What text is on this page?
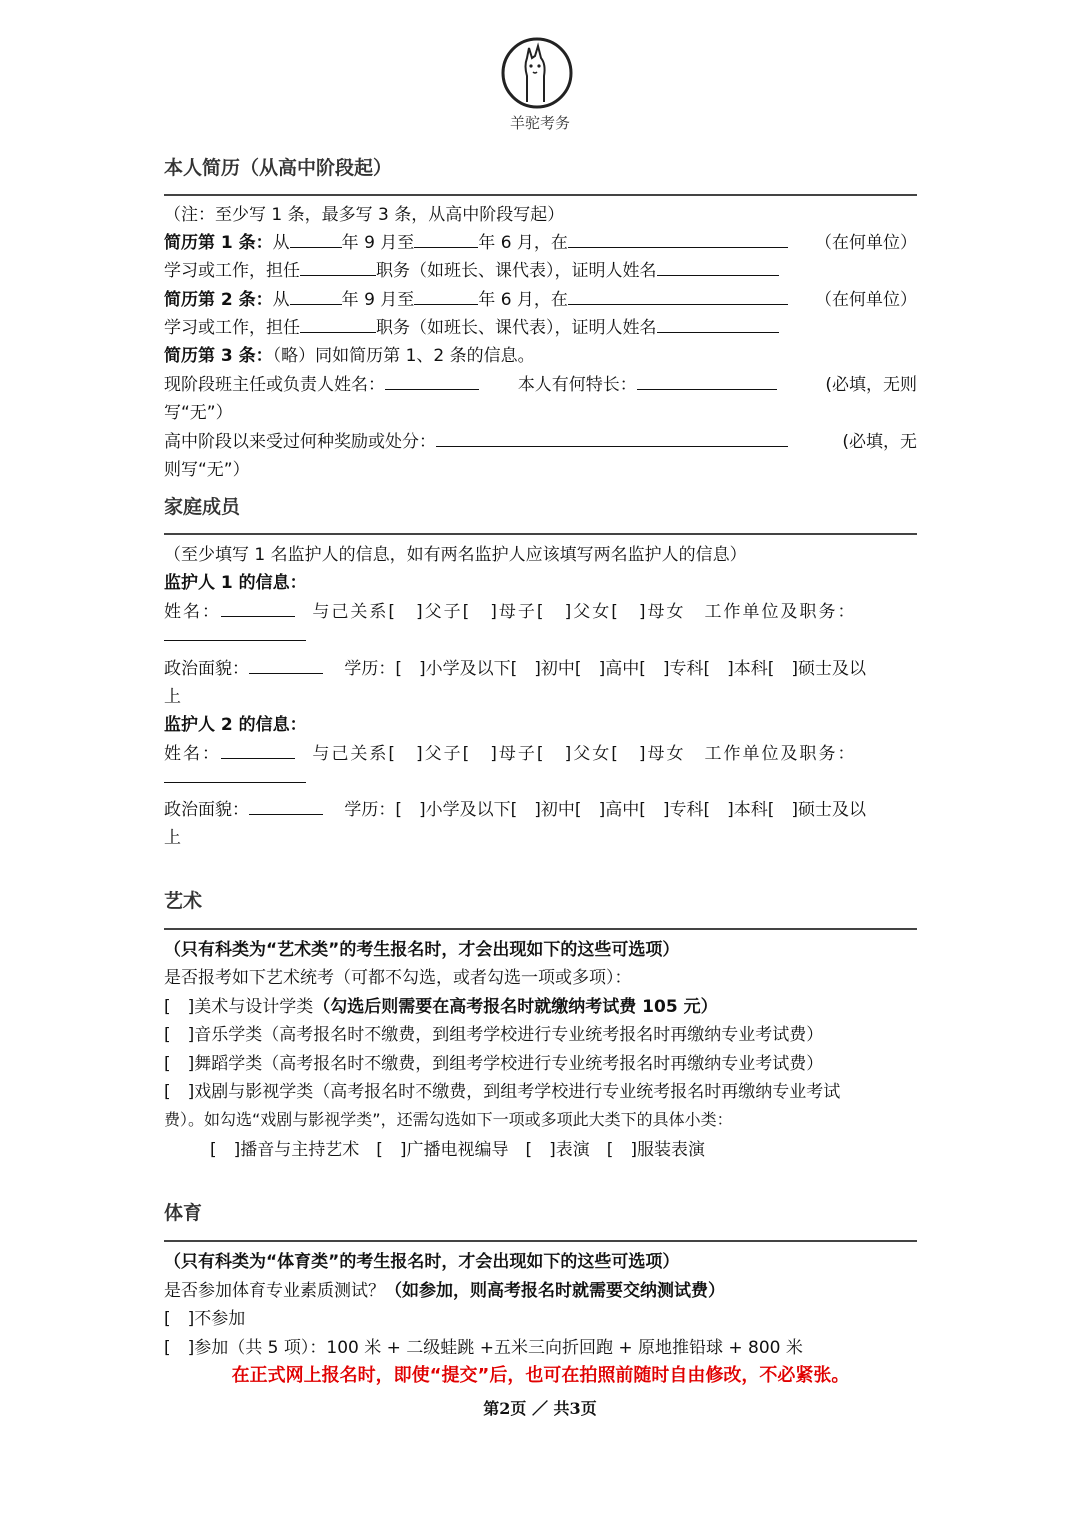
羊驼考务
本人简历（从高中阶段起）
（注：至少写 1 条，最多写 3 条，从高中阶段写起）
简历第 1 条：从	年 9 月至	年 6 月，在	（在何单位）
学习或工作，担任	职务（如班长、课代表），证明人姓名
简历第 2 条：从	年 9 月至	年 6 月，在	（在何单位）
学习或工作，担任	职务（如班长、课代表），证明人姓名
简历第 3 条：（略）同如简历第 1、2 条的信息。
现阶段班主任或负责人姓名：	本人有何特长：	(必填，无则
写“无”）
高中阶段以来受过何种奖励或处分：	(必填，无
则写“无”）
家庭成员
（至少填写 1 名监护人的信息，如有两名监护人应该填写两名监护人的信息）
监护人 1 的信息：
姓名：	与己关系[　]父子[　]母子[　]父女[　]母女　工作单位及职务：
政治面貌：	学历：[　]小学及以下[　]初中[　]高中[　]专科[　]本科[　]硕士及以
上
监护人 2 的信息：
姓名：	与己关系[　]父子[　]母子[　]父女[　]母女　工作单位及职务：
政治面貌：	学历：[　]小学及以下[　]初中[　]高中[　]专科[　]本科[　]硕士及以
上
艺术
（只有科类为“艺术类”的考生报名时，才会出现如下的这些可选项）
是否报考如下艺术统考（可都不勾选，或者勾选一项或多项）：
[　]美术与设计学类（勾选后则需要在高考报名时就缴纳考试费 105 元）
[　]音乐学类（高考报名时不缴费，到组考学校进行专业统考报名时再缴纳专业考试费）
[　]舞蹈学类（高考报名时不缴费，到组考学校进行专业统考报名时再缴纳专业考试费）
[　]戏剧与影视学类（高考报名时不缴费，到组考学校进行专业统考报名时再缴纳专业考试
费）。如勾选“戏剧与影视学类”，还需勾选如下一项或多项此大类下的具体小类：
[　]播音与主持艺术　[　]广播电视编导　[　]表演　[　]服装表演
体育
（只有科类为“体育类”的考生报名时，才会出现如下的这些可选项）
是否参加体育专业素质测试？（如参加，则高考报名时就需要交纳测试费）
[　]不参加
[　]参加（共 5 项）：100 米 + 二级蛙跳 +五米三向折回跑 + 原地推铅球 + 800 米
在正式网上报名时，即使“提交”后，也可在拍照前随时自由修改，不必紧张。
第2页 ／ 共3页
